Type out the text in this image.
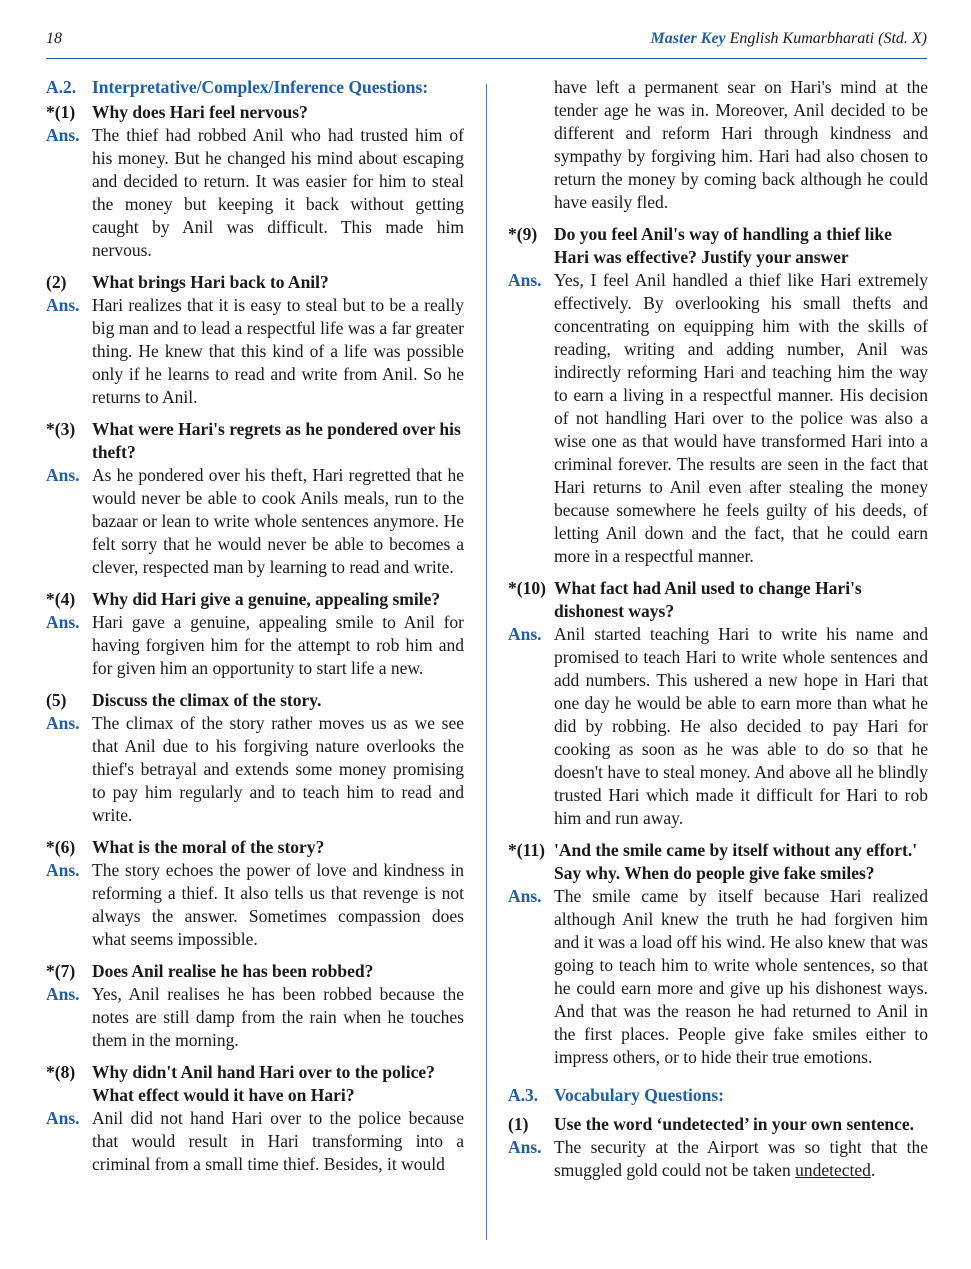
18	Master Key English Kumarbharati (Std. X)
A.2. Interpretative/Complex/Inference Questions:
*(1) Why does Hari feel nervous?
Ans. The thief had robbed Anil who had trusted him of his money. But he changed his mind about escaping and decided to return. It was easier for him to steal the money but keeping it back without getting caught by Anil was difficult. This made him nervous.
(2)	What brings Hari back to Anil?
Ans. Hari realizes that it is easy to steal but to be a really big man and to lead a respectful life was a far greater thing. He knew that this kind of a life was possible only if he learns to read and write from Anil. So he returns to Anil.
*(3) What were Hari's regrets as he pondered over his theft?
Ans. As he pondered over his theft, Hari regretted that he would never be able to cook Anils meals, run to the bazaar or lean to write whole sentences anymore. He felt sorry that he would never be able to becomes a clever, respected man by learning to read and write.
*(4) Why did Hari give a genuine, appealing smile?
Ans. Hari gave a genuine, appealing smile to Anil for having forgiven him for the attempt to rob him and for given him an opportunity to start life a new.
(5)	Discuss the climax of the story.
Ans. The climax of the story rather moves us as we see that Anil due to his forgiving nature overlooks the thief's betrayal and extends some money promising to pay him regularly and to teach him to read and write.
*(6) What is the moral of the story?
Ans. The story echoes the power of love and kindness in reforming a thief. It also tells us that revenge is not always the answer. Sometimes compassion does what seems impossible.
*(7) Does Anil realise he has been robbed?
Ans. Yes, Anil realises he has been robbed because the notes are still damp from the rain when he touches them in the morning.
*(8) Why didn't Anil hand Hari over to the police? What effect would it have on Hari?
Ans. Anil did not hand Hari over to the police because that would result in Hari transforming into a criminal from a small time thief. Besides, it would
have left a permanent sear on Hari's mind at the tender age he was in. Moreover, Anil decided to be different and reform Hari through kindness and sympathy by forgiving him. Hari had also chosen to return the money by coming back although he could have easily fled.
*(9) Do you feel Anil's way of handling a thief like Hari was effective? Justify your answer
Ans. Yes, I feel Anil handled a thief like Hari extremely effectively. By overlooking his small thefts and concentrating on equipping him with the skills of reading, writing and adding number, Anil was indirectly reforming Hari and teaching him the way to earn a living in a respectful manner. His decision of not handling Hari over to the police was also a wise one as that would have transformed Hari into a criminal forever. The results are seen in the fact that Hari returns to Anil even after stealing the money because somewhere he feels guilty of his deeds, of letting Anil down and the fact, that he could earn more in a respectful manner.
*(10) What fact had Anil used to change Hari's dishonest ways?
Ans. Anil started teaching Hari to write his name and promised to teach Hari to write whole sentences and add numbers. This ushered a new hope in Hari that one day he would be able to earn more than what he did by robbing. He also decided to pay Hari for cooking as soon as he was able to do so that he doesn't have to steal money. And above all he blindly trusted Hari which made it difficult for Hari to rob him and run away.
*(11) 'And the smile came by itself without any effort.' Say why. When do people give fake smiles?
Ans. The smile came by itself because Hari realized although Anil knew the truth he had forgiven him and it was a load off his wind. He also knew that was going to teach him to write whole sentences, so that he could earn more and give up his dishonest ways. And that was the reason he had returned to Anil in the first places. People give fake smiles either to impress others, or to hide their true emotions.
A.3. Vocabulary Questions:
(1)	Use the word ‘undetected’ in your own sentence.
Ans. The security at the Airport was so tight that the smuggled gold could not be taken undetected.
